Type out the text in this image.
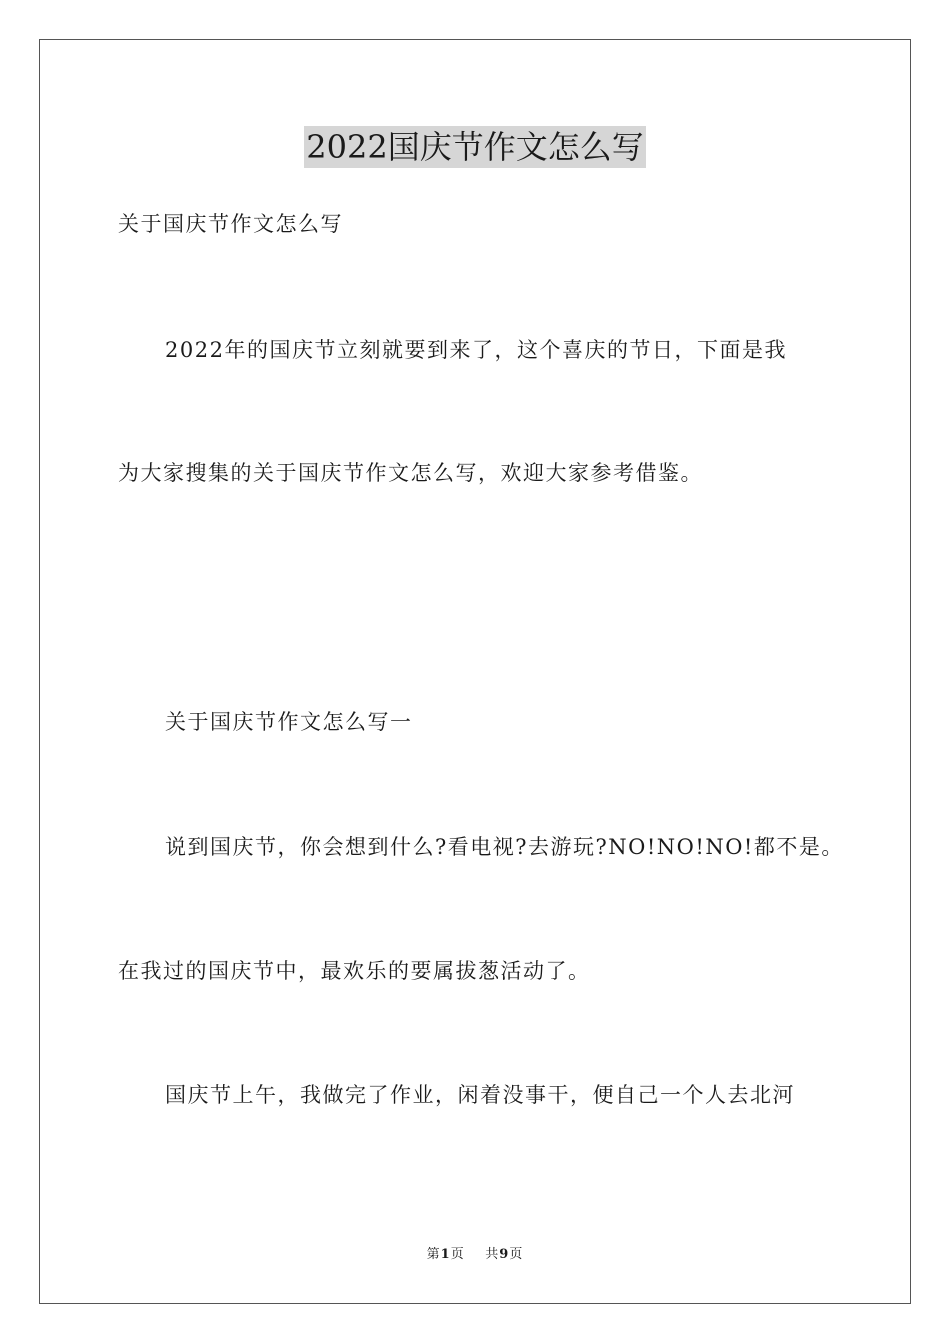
2022国庆节作文怎么写
关于国庆节作文怎么写
2022年的国庆节立刻就要到来了，这个喜庆的节日，下面是我
为大家搜集的关于国庆节作文怎么写，欢迎大家参考借鉴。
关于国庆节作文怎么写一
说到国庆节，你会想到什么?看电视?去游玩?NO!NO!NO!都不是。
在我过的国庆节中，最欢乐的要属拔葱活动了。
国庆节上午，我做完了作业，闲着没事干，便自己一个人去北河
第1页 共9页
